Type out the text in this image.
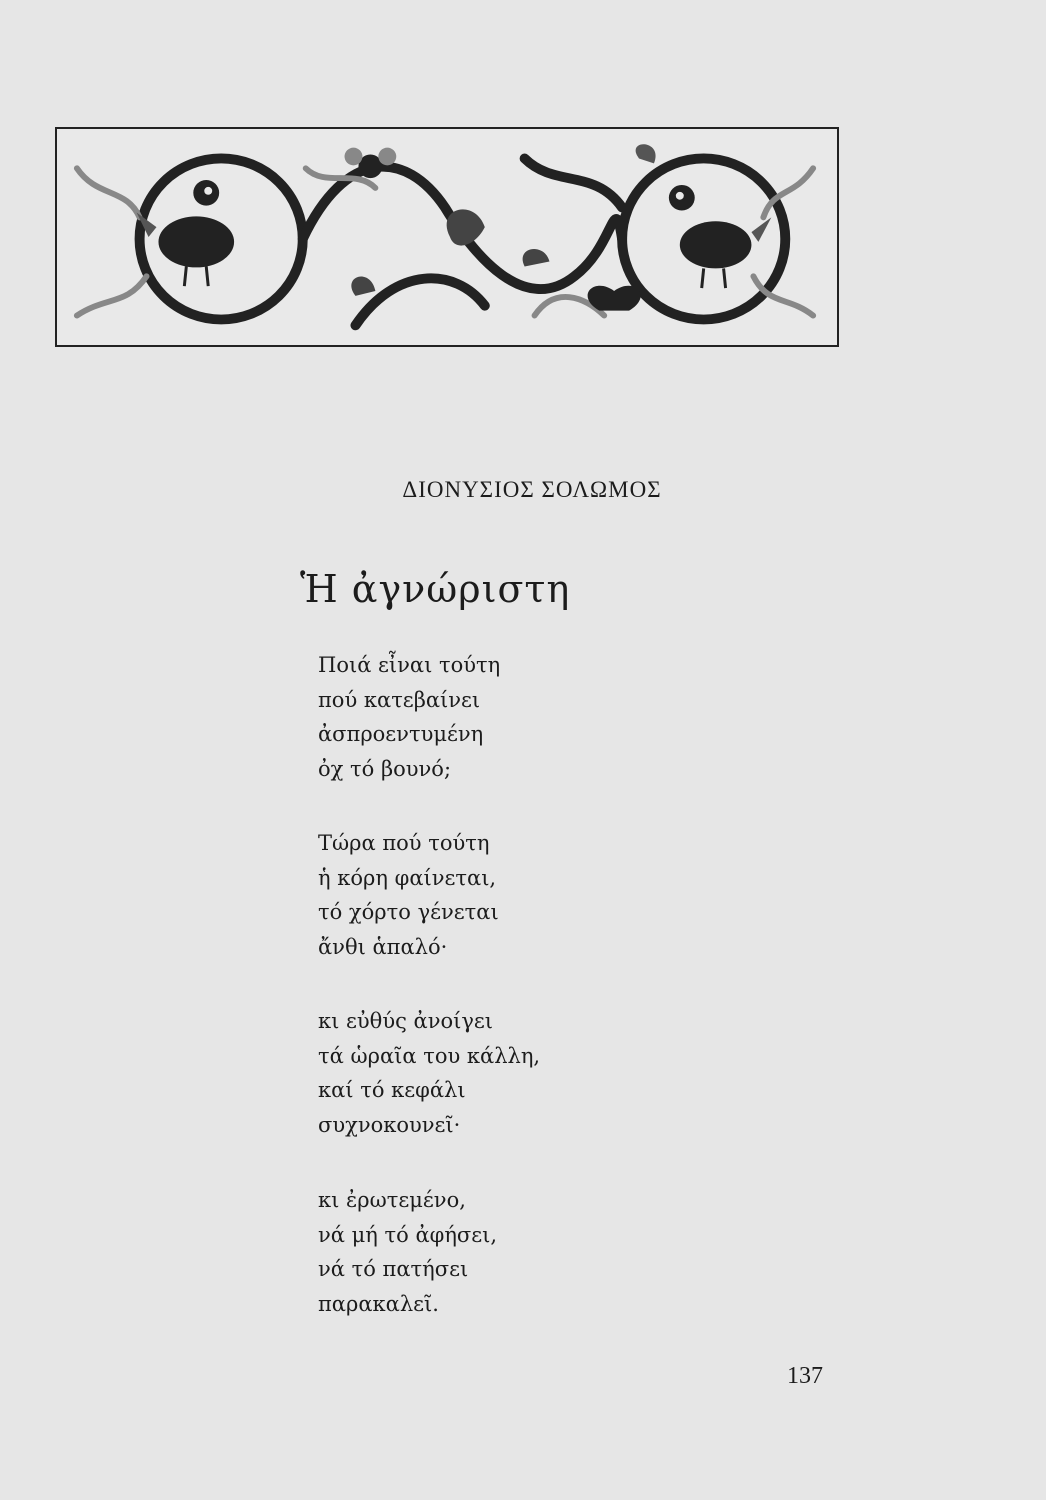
ΔΙΟΝΥΣΙΟΣ ΣΟΛΩΜΟΣ
Ἡ ἀγνώριστη
Ποιά εἶναι τούτη
πού κατεβαίνει
ἀσπροεντυμένη
ὀχ τό βουνό;
Τώρα πού τούτη
ἡ κόρη φαίνεται,
τό χόρτο γένεται
ἄνθι ἁπαλό·
κι εὐθύς ἀνοίγει
τά ὡραῖα του κάλλη,
καί τό κεφάλι
συχνοκουνεῖ·
κι ἐρωτεμένο,
νά μή τό ἀφήσει,
νά τό πατήσει
παρακαλεῖ.
137
